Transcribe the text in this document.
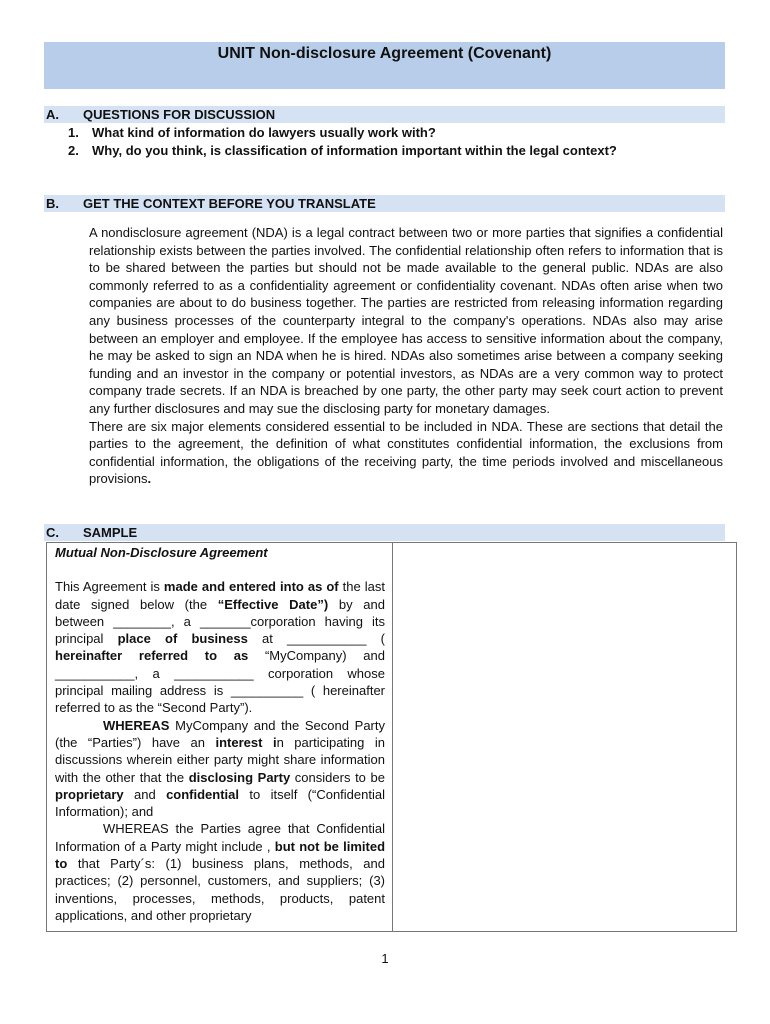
UNIT Non-disclosure Agreement (Covenant)
A. QUESTIONS FOR DISCUSSION
1. What kind of information do lawyers usually work with?
2. Why, do you think, is classification of information important within the legal context?
B. GET THE CONTEXT BEFORE YOU TRANSLATE

A nondisclosure agreement (NDA) is a legal contract between two or more parties that signifies a confidential relationship exists between the parties involved. The confidential relationship often refers to information that is to be shared between the parties but should not be made available to the general public. NDAs are also commonly referred to as a confidentiality agreement or confidentiality covenant. NDAs often arise when two companies are about to do business together. The parties are restricted from releasing information regarding any business processes of the counterparty integral to the company's operations. NDAs also may arise between an employer and employee. If the employee has access to sensitive information about the company, he may be asked to sign an NDA when he is hired. NDAs also sometimes arise between a company seeking funding and an investor in the company or potential investors, as NDAs are a very common way to protect company trade secrets. If an NDA is breached by one party, the other party may seek court action to prevent any further disclosures and may sue the disclosing party for monetary damages.

There are six major elements considered essential to be included in NDA. These are sections that detail the parties to the agreement, the definition of what constitutes confidential information, the exclusions from confidential information, the obligations of the receiving party, the time periods involved and miscellaneous provisions.

C. SAMPLE

Mutual Non-Disclosure Agreement

This Agreement is made and entered into as of the last date signed below (the “Effective Date”) by and between ________, a _______corporation having its principal place of business at ___________ ( hereinafter referred to as “MyCompany) and ___________, a ___________ corporation whose principal mailing address is __________ ( hereinafter referred to as the “Second Party”).

WHEREAS MyCompany and the Second Party (the “Parties”) have an interest in participating in discussions wherein either party might share information with the other that the disclosing Party considers to be proprietary and confidential to itself (“Confidential Information); and

WHEREAS the Parties agree that Confidential Information of a Party might include , but not be limited to that Party´s: (1) business plans, methods, and practices; (2) personnel, customers, and suppliers; (3) inventions, processes, methods, products, patent applications, and other proprietary

1
